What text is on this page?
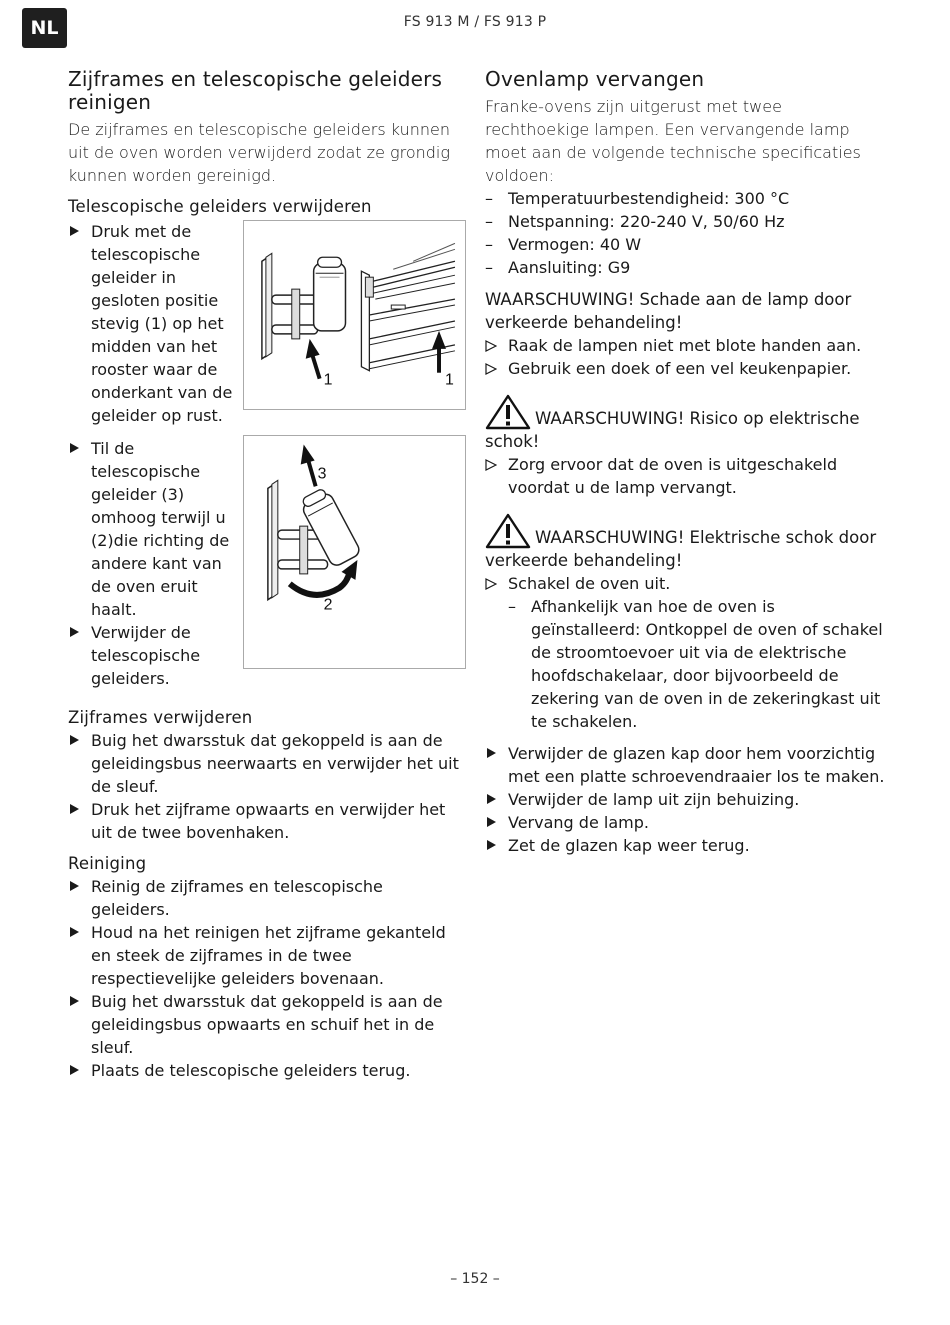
NL	FS 913 M / FS 913 P
Zijframes en telescopische geleiders reinigen

De zijframes en telescopische geleiders kunnen uit de oven worden verwijderd zodat ze grondig kunnen worden gereinigd.

Telescopische geleiders verwijderen
Druk met de telescopische geleider in gesloten positie stevig (1) op het midden van het rooster waar de onderkant van de geleider op rust.
1	1
Til de telescopische geleider (3) omhoog terwijl u (2)die richting de andere kant van de oven eruit haalt.
Verwijder de telescopische geleiders.
3
2
Zijframes verwijderen
Buig het dwarsstuk dat gekoppeld is aan de geleidingsbus neerwaarts en verwijder het uit de sleuf.
Druk het zijframe opwaarts en verwijder het uit de twee bovenhaken.
Reiniging
Reinig de zijframes en telescopische geleiders.
Houd na het reinigen het zijframe gekanteld en steek de zijframes in de twee respectievelijke geleiders bovenaan.
Buig het dwarsstuk dat gekoppeld is aan de geleidingsbus opwaarts en schuif het in de sleuf.
Plaats de telescopische geleiders terug.
Ovenlamp vervangen

Franke-ovens zijn uitgerust met twee rechthoekige lampen. Een vervangende lamp moet aan de volgende technische specificaties voldoen:

– Temperatuurbestendigheid: 300 °C
– Netspanning: 220-240 V, 50/60 Hz
– Vermogen: 40 W
– Aansluiting: G9
WAARSCHUWING! Schade aan de lamp door verkeerde behandeling!
Raak de lampen niet met blote handen aan.
Gebruik een doek of een vel keukenpapier.
WAARSCHUWING! Risico op elektrische schok!
Zorg ervoor dat de oven is uitgeschakeld voordat u de lamp vervangt.
WAARSCHUWING! Elektrische schok door verkeerde behandeling!
Schakel de oven uit.
– Afhankelijk van hoe de oven is geïnstalleerd: Ontkoppel de oven of schakel de stroomtoevoer uit via de elektrische hoofdschakelaar, door bijvoorbeeld de zekering van de oven in de zekeringkast uit te schakelen.
Verwijder de glazen kap door hem voorzichtig met een platte schroevendraaier los te maken.
Verwijder de lamp uit zijn behuizing.
Vervang de lamp.
Zet de glazen kap weer terug.
– 152 –
